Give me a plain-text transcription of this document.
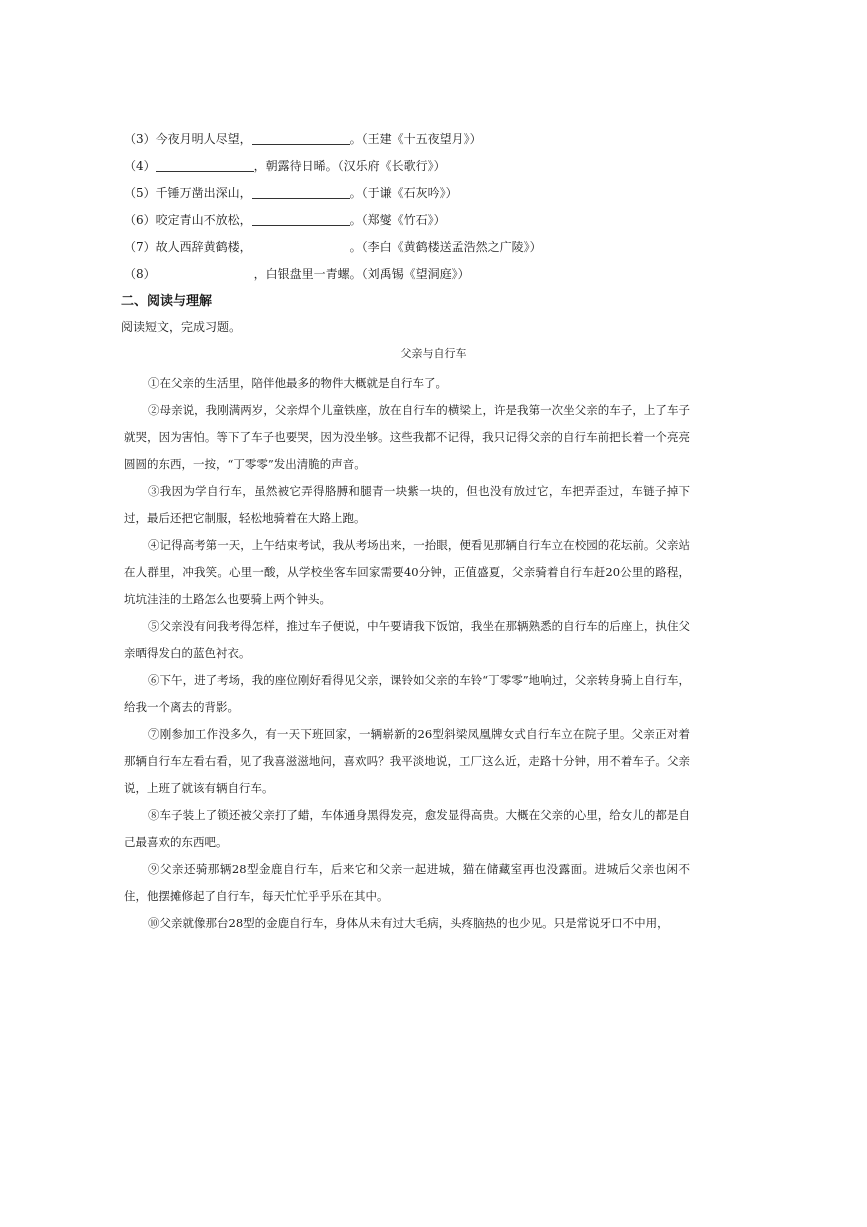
（3）今夜月明人尽望，	。（王建《十五夜望月》）
（4）	，朝露待日晞。（汉乐府《长歌行》）
（5）千锤万凿出深山，	。（于谦《石灰吟》）
（6）咬定青山不放松，	。（郑燮《竹石》）
（7）故人西辞黄鹤楼，	。（李白《黄鹤楼送孟浩然之广陵》）
（8）	，白银盘里一青螺。（刘禹锡《望洞庭》）
二、阅读与理解
阅读短文，完成习题。
父亲与自行车

①在父亲的生活里，陪伴他最多的物件大概就是自行车了。

②母亲说，我刚满两岁，父亲焊个儿童铁座，放在自行车的横梁上，许是我第一次坐父亲的车子，上了车子就哭，因为害怕。等下了车子也要哭，因为没坐够。这些我都不记得，我只记得父亲的自行车前把长着一个亮亮圆圆的东西，一按，“丁零零”发出清脆的声音。

③我因为学自行车，虽然被它弄得胳膊和腿青一块紫一块的，但也没有放过它，车把弄歪过，车链子掉下过，最后还把它制服，轻松地骑着在大路上跑。

④记得高考第一天，上午结束考试，我从考场出来，一抬眼，便看见那辆自行车立在校园的花坛前。父亲站在人群里，冲我笑。心里一酸，从学校坐客车回家需要40分钟，正值盛夏，父亲骑着自行车赶20公里的路程，坑坑洼洼的土路怎么也要骑上两个钟头。

⑤父亲没有问我考得怎样，推过车子便说，中午要请我下饭馆，我坐在那辆熟悉的自行车的后座上，执住父亲晒得发白的蓝色衬衣。

⑥下午，进了考场，我的座位刚好看得见父亲，课铃如父亲的车铃“丁零零”地响过，父亲转身骑上自行车，给我一个离去的背影。

⑦刚参加工作没多久，有一天下班回家，一辆崭新的26型斜梁凤凰牌女式自行车立在院子里。父亲正对着那辆自行车左看右看，见了我喜滋滋地问，喜欢吗？我平淡地说，工厂这么近，走路十分钟，用不着车子。父亲说，上班了就该有辆自行车。

⑧车子装上了锁还被父亲打了蜡，车体通身黑得发亮，愈发显得高贵。大概在父亲的心里，给女儿的都是自己最喜欢的东西吧。

⑨父亲还骑那辆28型金鹿自行车，后来它和父亲一起进城，猫在储藏室再也没露面。进城后父亲也闲不住，他摆摊修起了自行车，每天忙忙乎乎乐在其中。

⑩父亲就像那台28型的金鹿自行车，身体从未有过大毛病，头疼脑热的也少见。只是常说牙口不中用，
